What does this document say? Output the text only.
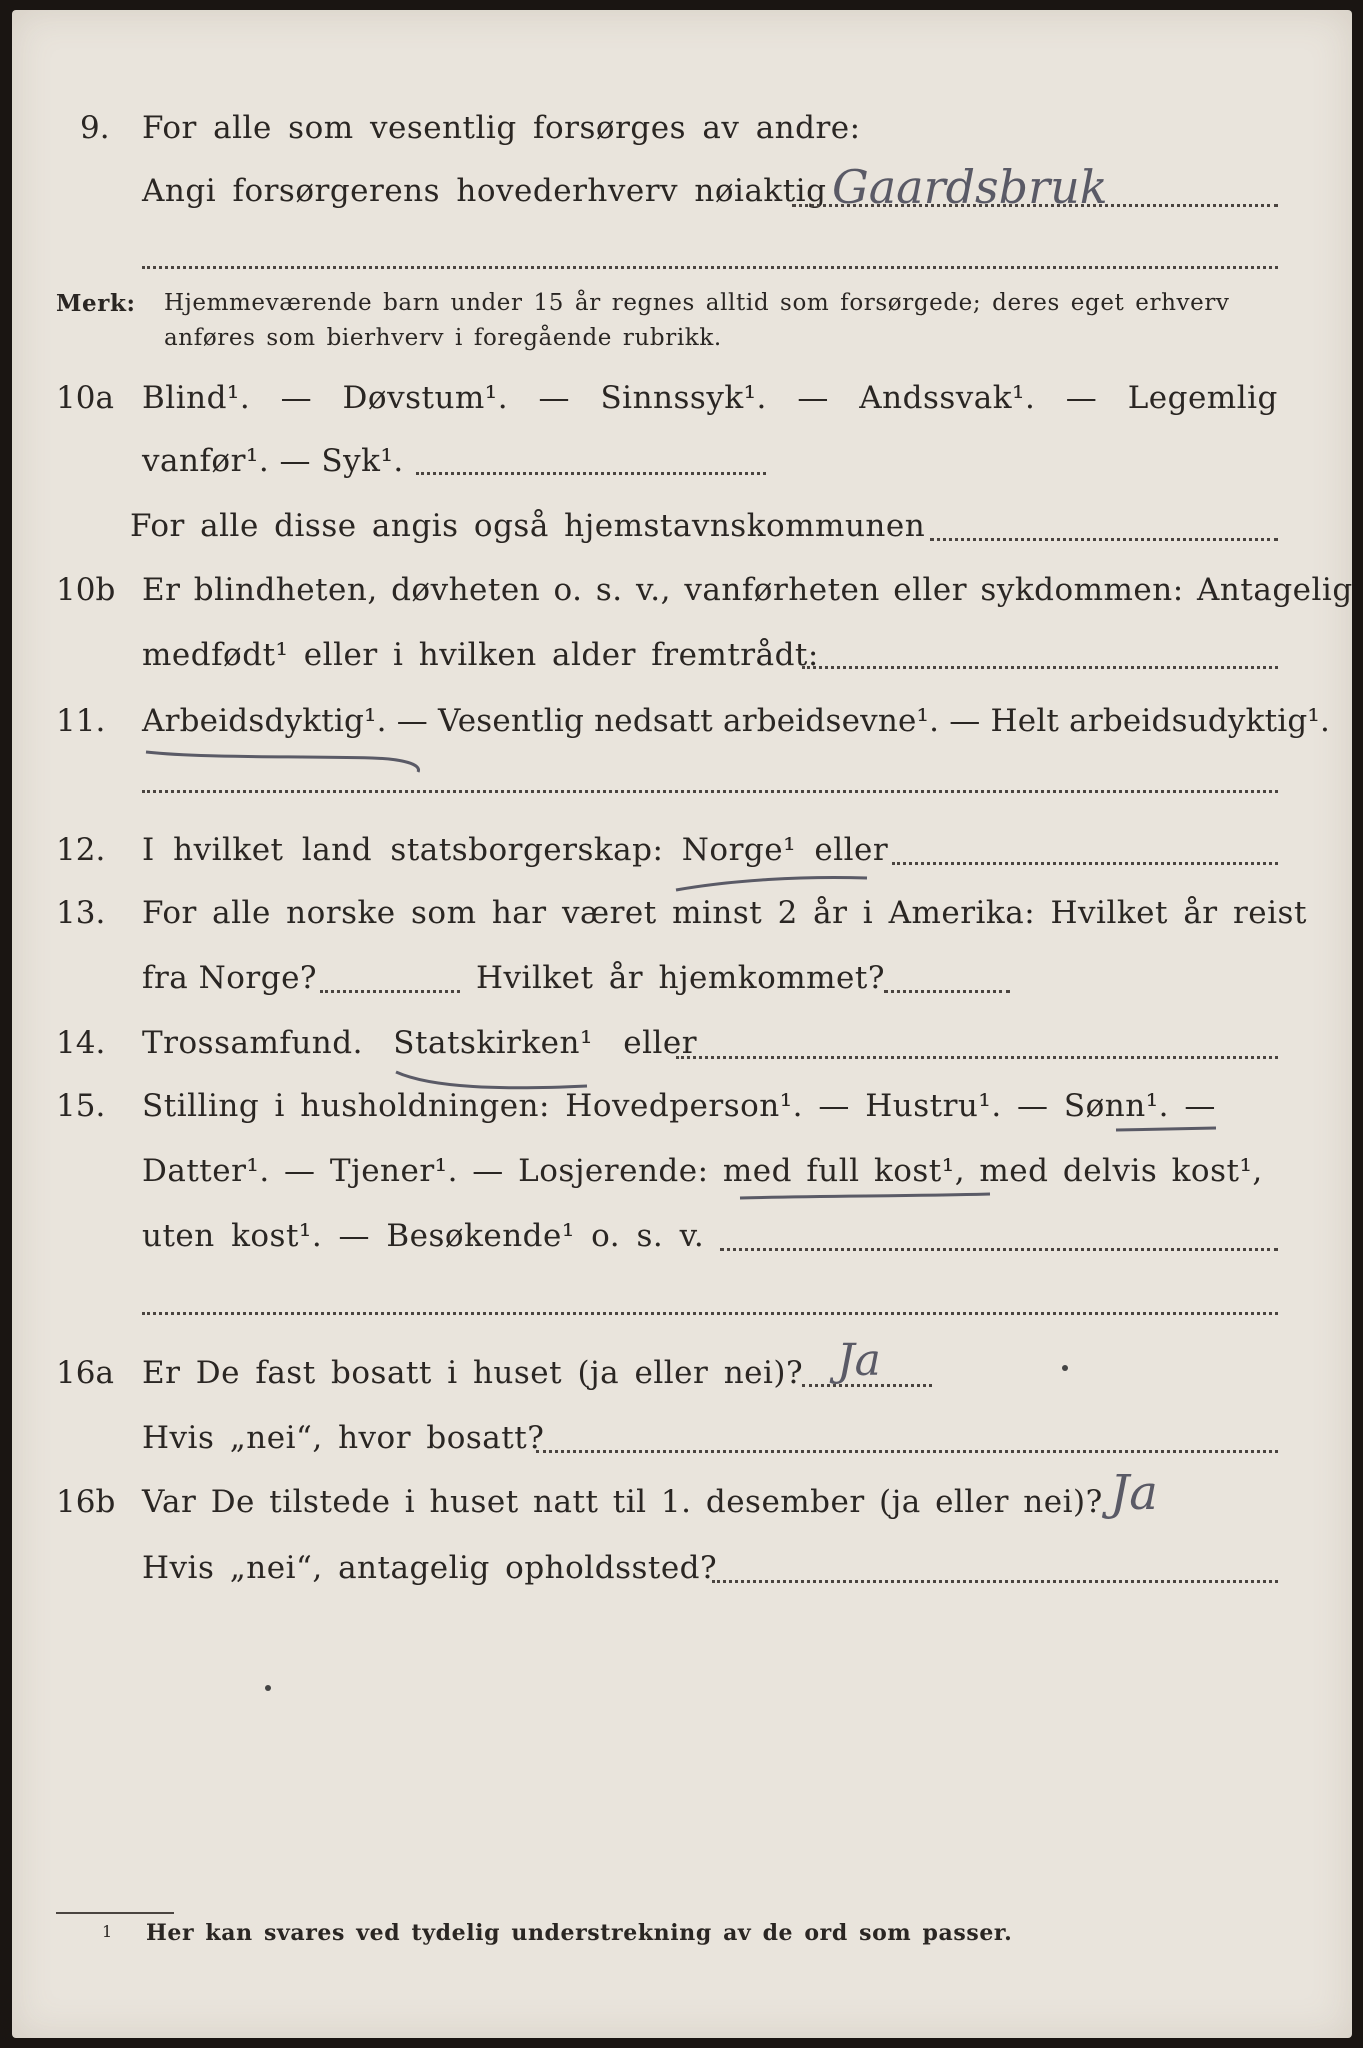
9. For alle som vesentlig forsørges av andre:
Angi forsørgerens hovederhverv nøiaktig Gaardsbruk
Merk: Hjemmeværende barn under 15 år regnes alltid som forsørgede; deres eget erhverv
anføres som bierhverv i foregående rubrikk.
10a Blind¹. — Døvstum¹. — Sinnssyk¹. — Andssvak¹. — Legemlig
vanfør¹. — Syk¹.
For alle disse angis også hjemstavnskommunen
10b Er blindheten, døvheten o. s. v., vanførheten eller sykdommen: Antagelig
medfødt¹ eller i hvilken alder fremtrådt:
11. Arbeidsdyktig¹. — Vesentlig nedsatt arbeidsevne¹. — Helt arbeidsudyktig¹.
12. I hvilket land statsborgerskap: Norge¹ eller
13. For alle norske som har været minst 2 år i Amerika: Hvilket år reist
fra Norge?	Hvilket år hjemkommet?
14. Trossamfund. Statskirken¹ eller
15. Stilling i husholdningen: Hovedperson¹. — Hustru¹. — Sønn¹. —
Datter¹. — Tjener¹. — Losjerende: med full kost¹, med delvis kost¹,
uten kost¹. — Besøkende¹ o. s. v.
16a Er De fast bosatt i huset (ja eller nei)? Ja
Hvis „nei“, hvor bosatt?
16b Var De tilstede i huset natt til 1. desember (ja eller nei)? Ja
Hvis „nei“, antagelig opholdssted?
1 Her kan svares ved tydelig understrekning av de ord som passer.
